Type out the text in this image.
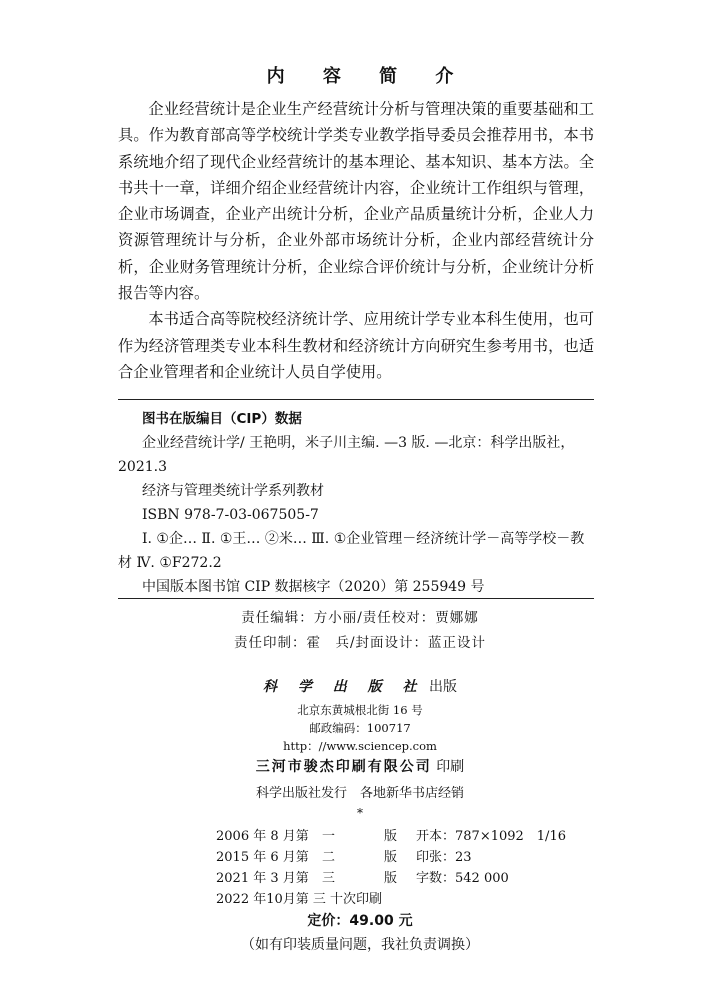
内 容 简 介

企业经营统计是企业生产经营统计分析与管理决策的重要基础和工具。作为教育部高等学校统计学类专业教学指导委员会推荐用书，本书系统地介绍了现代企业经营统计的基本理论、基本知识、基本方法。全书共十一章，详细介绍企业经营统计内容，企业统计工作组织与管理，企业市场调查，企业产出统计分析，企业产品质量统计分析，企业人力资源管理统计与分析，企业外部市场统计分析，企业内部经营统计分析，企业财务管理统计分析，企业综合评价统计与分析，企业统计分析报告等内容。

本书适合高等院校经济统计学、应用统计学专业本科生使用，也可作为经济管理类专业本科生教材和经济统计方向研究生参考用书，也适合企业管理者和企业统计人员自学使用。

图书在版编目（CIP）数据

企业经营统计学/ 王艳明，米子川主编. —3 版. —北京：科学出版社，2021.3

经济与管理类统计学系列教材

ISBN 978-7-03-067505-7

Ⅰ. ①企… Ⅱ. ①王… ②米… Ⅲ. ①企业管理－经济统计学－高等学校－教材 Ⅳ. ①F272.2

中国版本图书馆 CIP 数据核字（2020）第 255949 号

责任编辑：方小丽/责任校对：贾娜娜
责任印制：霍　兵/封面设计：蓝正设计
科 学 出 版 社 出版
北京东黄城根北街 16 号
邮政编码：100717
http：//www.sciencep.com
三河市骏杰印刷有限公司 印刷
科学出版社发行　各地新华书店经销
*
2006 年 8 月第 一	版 开本：787×1092　1/16
2015 年 6 月第 二	版 印张：23
2021 年 3 月第 三	版 字数：542 000
2022 年10月第 三 十次印刷
定价：49.00 元
（如有印装质量问题，我社负责调换）
